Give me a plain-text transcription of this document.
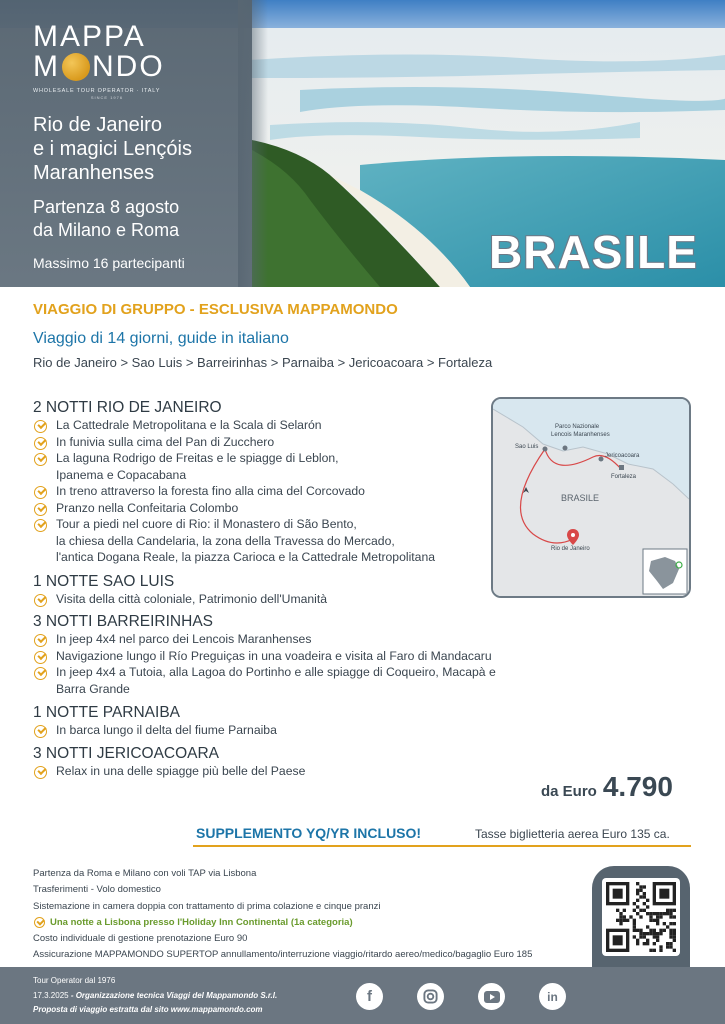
MAPPA
M NDO
WHOLESALE TOUR OPERATOR · ITALY
SINCE 1976
Rio de Janeiro
e i magici Lençóis
Maranhenses
Partenza 8 agosto
da Milano e Roma
Massimo 16 partecipanti	BRASILE
VIAGGIO DI GRUPPO - ESCLUSIVA MAPPAMONDO
Viaggio di 14 giorni, guide in italiano
Rio de Janeiro > Sao Luis > Barreirinhas > Parnaiba > Jericoacoara > Fortaleza
2 NOTTI RIO DE JANEIRO
La Cattedrale Metropolitana e la Scala di Selarón
In funivia sulla cima del Pan di Zucchero
La laguna Rodrigo de Freitas e le spiagge di Leblon,
Ipanema e Copacabana
In treno attraverso la foresta fino alla cima del Corcovado
Pranzo nella Confeitaria Colombo
Tour a piedi nel cuore di Rio: il Monastero di São Bento,
la chiesa della Candelaria, la zona della Travessa do Mercado,
l'antica Dogana Reale, la piazza Carioca e la Cattedrale Metropolitana
1 NOTTE SAO LUIS
Visita della città coloniale, Patrimonio dell'Umanità
3 NOTTI BARREIRINHAS
In jeep 4x4 nel parco dei Lencois Maranhenses
Navigazione lungo il Río Preguiças in una voadeira e visita al Faro di Mandacaru
In jeep 4x4 a Tutoia, alla Lagoa do Portinho e alle spiagge di Coqueiro, Macapà e
Barra Grande
1 NOTTE PARNAIBA
In barca lungo il delta del fiume Parnaiba
3 NOTTI JERICOACOARA
Relax in una delle spiagge più belle del Paese
Parco Nazionale
Lencois Maranhenses
Sao Luis
Jericoacoara
Fortaleza
BRASILE
Rio de Janeiro
da Euro 4.790
SUPPLEMENTO YQ/YR INCLUSO!	Tasse biglietteria aerea Euro 135 ca.
Partenza da Roma e Milano con voli TAP via Lisbona
Trasferimenti - Volo domestico
Sistemazione in camera doppia con trattamento di prima colazione e cinque pranzi
Una notte a Lisbona presso l'Holiday Inn Continental (1a categoria)
Costo individuale di gestione prenotazione Euro 90
Assicurazione MAPPAMONDO SUPERTOP annullamento/interruzione viaggio/ritardo aereo/medico/bagaglio Euro 185
Tour Operator dal 1976
17.3.2025 - Organizzazione tecnica Viaggi del Mappamondo S.r.l.
Proposta di viaggio estratta dal sito www.mappamondo.com
f	in
